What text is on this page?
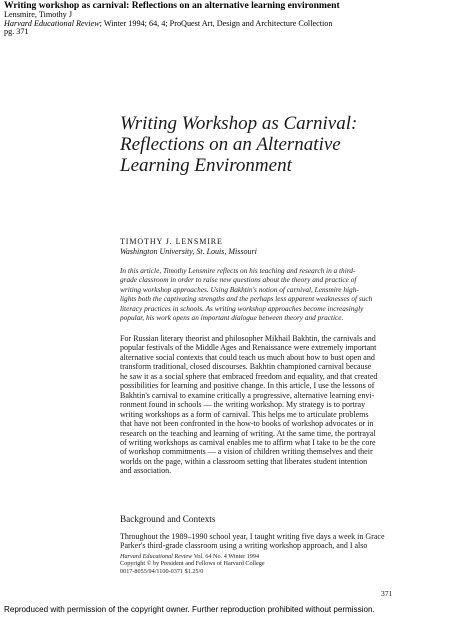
Writing workshop as carnival: Reflections on an alternative learning environment
Lensmire, Timothy J
Harvard Educational Review; Winter 1994; 64, 4; ProQuest Art, Design and Architecture Collection
pg. 371
Writing Workshop as Carnival:
Reflections on an Alternative
Learning Environment
TIMOTHY J. LENSMIRE
Washington University, St. Louis, Missouri
In this article, Timothy Lensmire reflects on his teaching and research in a third-
grade classroom in order to raise new questions about the theory and practice of
writing workshop approaches. Using Bakhtin's notion of carnival, Lensmire high-
lights both the captivating strengths and the perhaps less apparent weaknesses of such
literacy practices in schools. As writing workshop approaches become increasingly
popular, his work opens an important dialogue between theory and practice.
For Russian literary theorist and philosopher Mikhail Bakhtin, the carnivals and
popular festivals of the Middle Ages and Renaissance were extremely important
alternative social contexts that could teach us much about how to bust open and
transform traditional, closed discourses. Bakhtin championed carnival because
he saw it as a social sphere that embraced freedom and equality, and that created
possibilities for learning and positive change. In this article, I use the lessons of
Bakhtin's carnival to examine critically a progressive, alternative learning envi-
ronment found in schools — the writing workshop. My strategy is to portray
writing workshops as a form of carnival. This helps me to articulate problems
that have not been confronted in the how-to books of workshop advocates or in
research on the teaching and learning of writing. At the same time, the portrayal
of writing workshops as carnival enables me to affirm what I take to be the core
of workshop commitments — a vision of children writing themselves and their
worlds on the page, within a classroom setting that liberates student intention
and association.
Background and Contexts
Throughout the 1989–1990 school year, I taught writing five days a week in Grace
Parker's third-grade classroom using a writing workshop approach, and I also
Harvard Educational Review Vol. 64 No. 4 Winter 1994
Copyright © by President and Fellows of Harvard College
0017-8055/94/1100-0371 $1.25/0
371
Reproduced with permission of the copyright owner. Further reproduction prohibited without permission.
